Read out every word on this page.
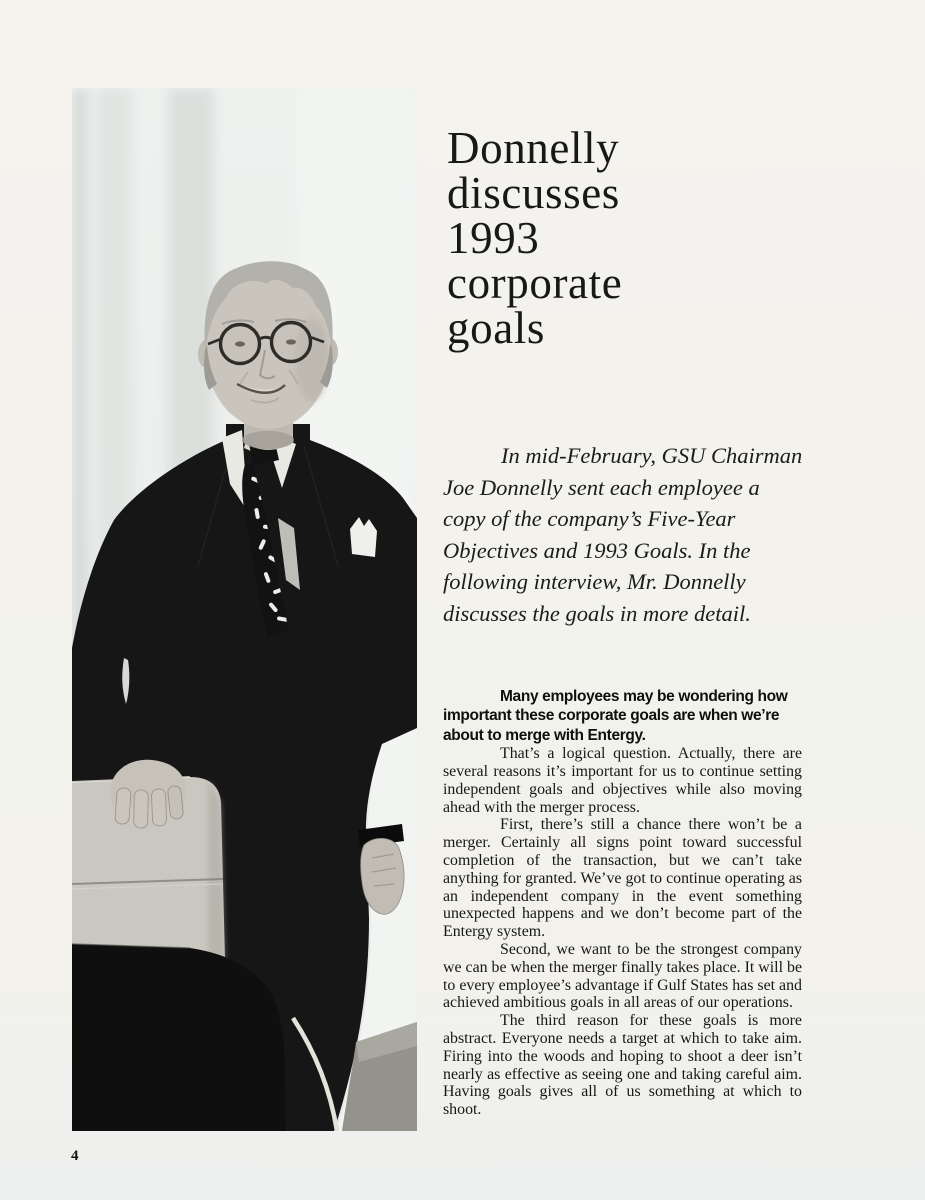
Donnelly
discusses
1993
corporate
goals

In mid-February, GSU Chairman Joe Donnelly sent each employee a copy of the company’s Five-Year Objectives and 1993 Goals. In the following interview, Mr. Donnelly discusses the goals in more detail.

Many employees may be wondering how important these corporate goals are when we’re about to merge with Entergy.

That’s a logical question. Actually, there are several reasons it’s important for us to continue setting independent goals and objectives while also moving ahead with the merger process.

First, there’s still a chance there won’t be a merger. Certainly all signs point toward successful completion of the transaction, but we can’t take anything for granted. We’ve got to continue operating as an independent company in the event something unexpected happens and we don’t become part of the Entergy system.

Second, we want to be the strongest company we can be when the merger finally takes place. It will be to every employee’s advantage if Gulf States has set and achieved ambitious goals in all areas of our operations.

The third reason for these goals is more abstract. Everyone needs a target at which to take aim. Firing into the woods and hoping to shoot a deer isn’t nearly as effective as seeing one and taking careful aim. Having goals gives all of us something at which to shoot.

4
